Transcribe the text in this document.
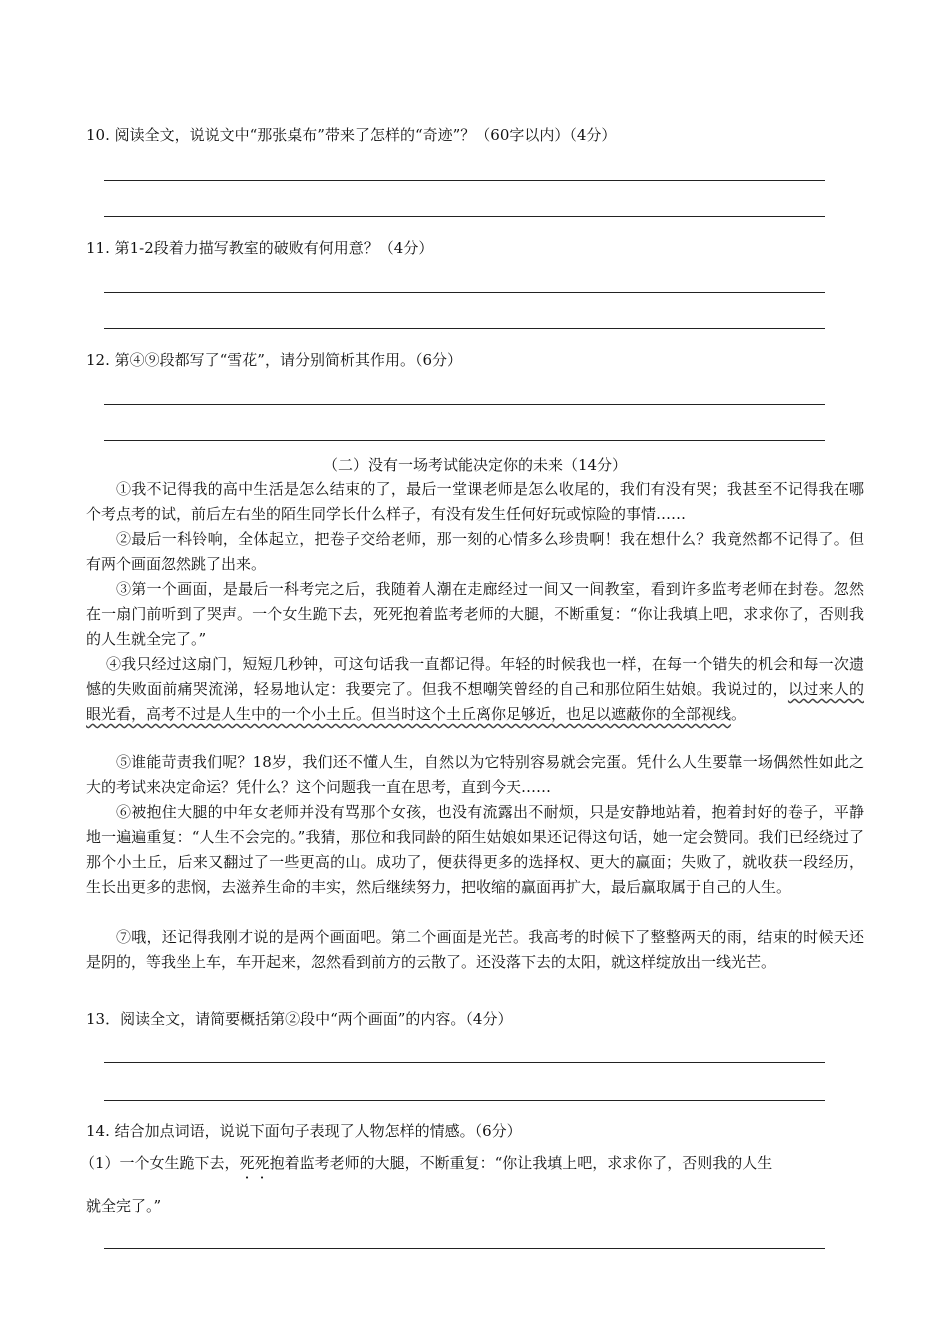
10. 阅读全文，说说文中“那张桌布”带来了怎样的“奇迹”？（60字以内）（4分）
11. 第1-2段着力描写教室的破败有何用意？（4分）
12. 第④⑨段都写了“雪花”，请分别简析其作用。（6分）
（二）没有一场考试能决定你的未来（14分）
①我不记得我的高中生活是怎么结束的了，最后一堂课老师是怎么收尾的，我们有没有哭；我甚至不记得我在哪个考点考的试，前后左右坐的陌生同学长什么样子，有没有发生任何好玩或惊险的事情……
②最后一科铃响，全体起立，把卷子交给老师，那一刻的心情多么珍贵啊！我在想什么？我竟然都不记得了。但有两个画面忽然跳了出来。
③第一个画面，是最后一科考完之后，我随着人潮在走廊经过一间又一间教室，看到许多监考老师在封卷。忽然在一扇门前听到了哭声。一个女生跪下去，死死抱着监考老师的大腿，不断重复：“你让我填上吧，求求你了，否则我的人生就全完了。”
④我只经过这扇门，短短几秒钟，可这句话我一直都记得。年轻的时候我也一样，在每一个错失的机会和每一次遗憾的失败面前痛哭流涕，轻易地认定：我要完了。但我不想嘲笑曾经的自己和那位陌生姑娘。我说过的，以过来人的眼光看，高考不过是人生中的一个小土丘。但当时这个土丘离你足够近，也足以遮蔽你的全部视线。
⑤谁能苛责我们呢？18岁，我们还不懂人生，自然以为它特别容易就会完蛋。凭什么人生要靠一场偶然性如此之大的考试来决定命运？凭什么？这个问题我一直在思考，直到今天……
⑥被抱住大腿的中年女老师并没有骂那个女孩，也没有流露出不耐烦，只是安静地站着，抱着封好的卷子，平静地一遍遍重复：“人生不会完的。”我猜，那位和我同龄的陌生姑娘如果还记得这句话，她一定会赞同。我们已经绕过了那个小土丘，后来又翻过了一些更高的山。成功了，便获得更多的选择权、更大的赢面；失败了，就收获一段经历，生长出更多的悲悯，去滋养生命的丰实，然后继续努力，把收缩的赢面再扩大，最后赢取属于自己的人生。
⑦哦，还记得我刚才说的是两个画面吧。第二个画面是光芒。我高考的时候下了整整两天的雨，结束的时候天还是阴的，等我坐上车，车开起来，忽然看到前方的云散了。还没落下去的太阳，就这样绽放出一线光芒。
13．阅读全文，请简要概括第②段中“两个画面”的内容。（4分）
14. 结合加点词语，说说下面句子表现了人物怎样的情感。（6分）
（1）一个女生跪下去，死死抱着监考老师的大腿，不断重复：“你让我填上吧，求求你了，否则我的人生
就全完了。”
